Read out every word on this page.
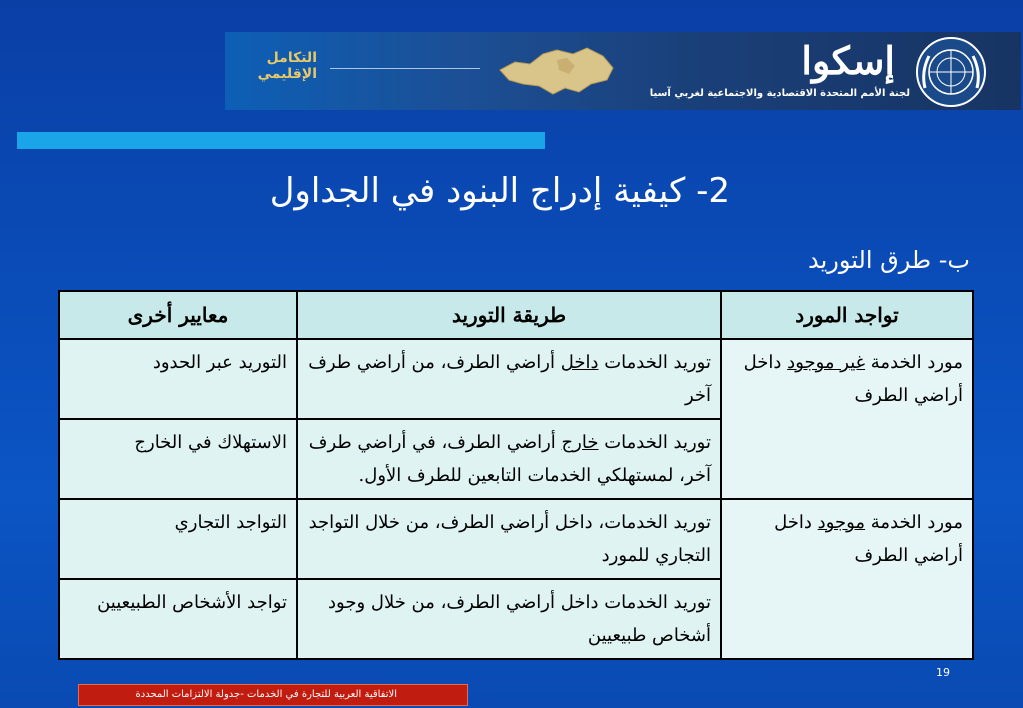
التكامل
الإقليمي	إسكوا
لجنة الأمم المتحدة الاقتصادية والاجتماعية لغربي آسيا
2- كيفية إدراج البنود في الجداول
ب- طرق التوريد
تواجد المورد	طريقة التوريد	معايير أخرى
مورد الخدمة غير موجود داخل أراضي الطرف	توريد الخدمات داخل أراضي الطرف، من أراضي طرف آخر	التوريد عبر الحدود
	توريد الخدمات خارج أراضي الطرف، في أراضي طرف آخر، لمستهلكي الخدمات التابعين للطرف الأول.	الاستهلاك في الخارج
مورد الخدمة موجود داخل أراضي الطرف	توريد الخدمات، داخل أراضي الطرف، من خلال التواجد التجاري للمورد	التواجد التجاري
	توريد الخدمات داخل أراضي الطرف، من خلال وجود أشخاص طبيعيين	تواجد الأشخاص الطبيعيين
19
الاتفاقية العربية للتجارة في الخدمات -جدولة الالتزامات المحددة
